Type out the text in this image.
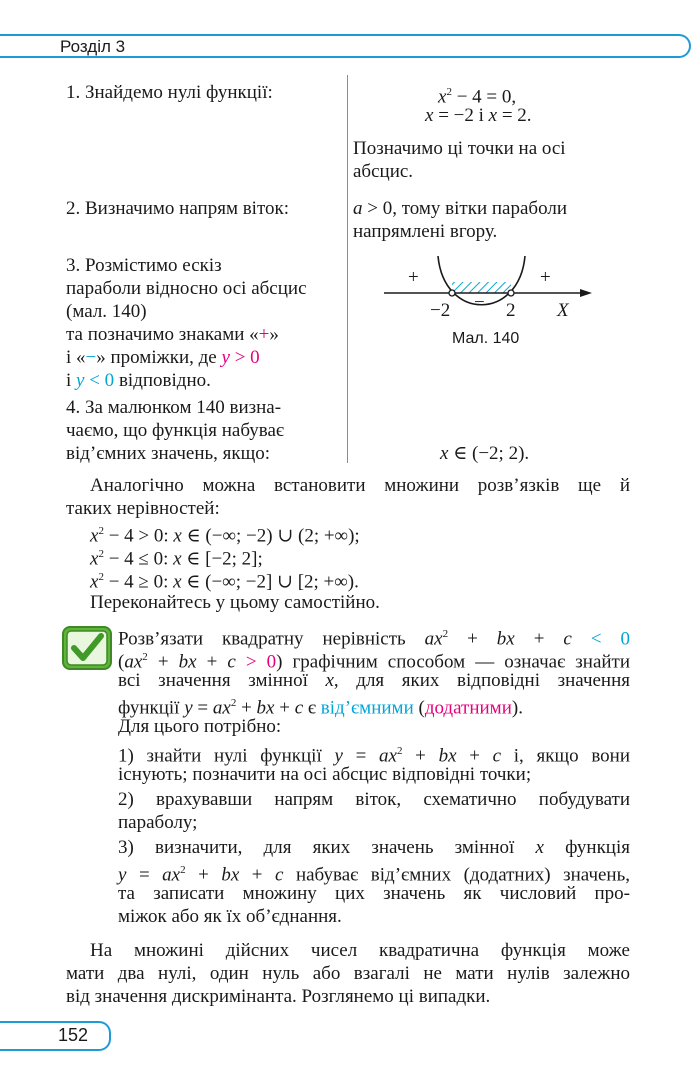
Розділ 3
1. Знайдемо нулі функції:	$x^2 - 4 = 0$,
x = −2 і x = 2.
Позначимо ці точки на осі
абсцис.
2. Визначимо напрям віток:	a > 0, тому вітки параболи
напрямлені вгору.
3. Розмістимо ескіз
параболи відносно осі абсцис
(мал. 140)
та позначимо знаками «+»
і «−» проміжки, де y > 0
і y < 0 відповідно.
+	+
−
−2	2 X
Мал. 140
4. За малюнком 140 визна-
чаємо, що функція набуває
від’ємних значень, якщо:	x ∈ (−2; 2).
Аналогічно можна встановити множини розв’язків ще й
таких нерівностей:
$x^2 - 4 > 0$: x ∈ (−∞; −2) ∪ (2; +∞);
$x^2 - 4 \le 0$: x ∈ [−2; 2];
$x^2 - 4 \ge 0$: x ∈ (−∞; −2] ∪ [2; +∞).
Переконайтесь у цьому самостійно.
Розв’язати квадратну нерівність $ax^2$ + bx + c < 0
($ax^2$ + bx + c > 0) графічним способом — означає знайти
всі значення змінної x, для яких відповідні значення
функції $y = ax^2$ + bx + c є від’ємними (додатними).
Для цього потрібно:
1) знайти нулі функції $y = ax^2$ + bx + c і, якщо вони
існують; позначити на осі абсцис відповідні точки;
2) врахувавши напрям віток, схематично побудувати
параболу;
3) визначити, для яких значень змінної x функція
$y = ax^2$ + bx + c набуває від’ємних (додатних) значень,
та записати множину цих значень як числовий про-
міжок або як їх об’єднання.
На множині дійсних чисел квадратична функція може
мати два нулі, один нуль або взагалі не мати нулів залежно
від значення дискримінанта. Розглянемо ці випадки.
152
